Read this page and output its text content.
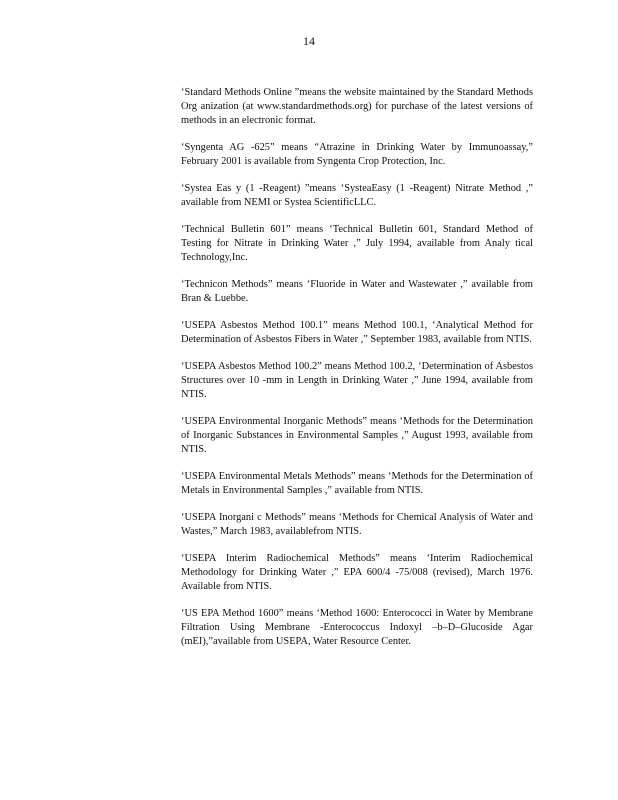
14

‘Standard Methods Online ”means the website maintained by the Standard Methods Org anization (at www.standardmethods.org) for purchase of the latest versions of methods in an electronic format.

‘Syngenta AG -625” means “Atrazine in Drinking Water by Immunoassay,” February 2001 is available from Syngenta Crop Protection, Inc.

‘Systea Eas y (1 -Reagent) ”means ‘SysteaEasy (1 -Reagent) Nitrate Method ,” available from NEMI or Systea ScientificLLC.

‘Technical Bulletin 601” means ‘Technical Bulletin 601, Standard Method of Testing for Nitrate in Drinking Water ,” July 1994, available from Analy tical Technology,Inc.

‘Technicon Methods” means ‘Fluoride in Water and Wastewater ,” available from Bran & Luebbe.

‘USEPA Asbestos Method 100.1” means Method 100.1, ‘Analytical Method for Determination of Asbestos Fibers in Water ,” September 1983, available from NTIS.

‘USEPA Asbestos Method 100.2” means Method 100.2, ‘Determination of Asbestos Structures over 10 -mm in Length in Drinking Water ,” June 1994, available from NTIS.

‘USEPA Environmental Inorganic Methods” means ‘Methods for the Determination of Inorganic Substances in Environmental Samples ,” August 1993, available from NTIS.

‘USEPA Environmental Metals Methods” means ‘Methods for the Determination of Metals in Environmental Samples ,” available from NTIS.

‘USEPA Inorgani c Methods” means ‘Methods for Chemical Analysis of Water and Wastes,” March 1983, availablefrom NTIS.

‘USEPA Interim Radiochemical Methods” means ‘Interim Radiochemical Methodology for Drinking Water ,” EPA 600/4 -75/008 (revised), March 1976. Available from NTIS.

‘US EPA Method 1600” means ‘Method 1600: Enterococci in Water by Membrane Filtration Using Membrane -Enterococcus Indoxyl –b–D–Glucoside Agar (mEI),”available from USEPA, Water Resource Center.
